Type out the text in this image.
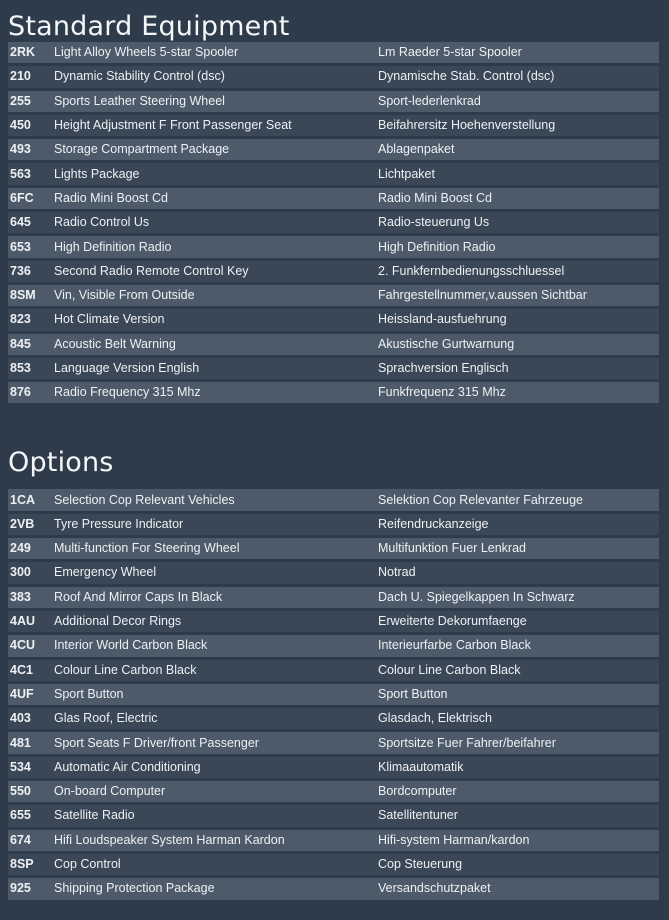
Standard Equipment
2RK	Light Alloy Wheels 5-star Spooler	Lm Raeder 5-star Spooler
210	Dynamic Stability Control (dsc)	Dynamische Stab. Control (dsc)
255	Sports Leather Steering Wheel	Sport-lederlenkrad
450	Height Adjustment F Front Passenger Seat	Beifahrersitz Hoehenverstellung
493	Storage Compartment Package	Ablagenpaket
563	Lights Package	Lichtpaket
6FC	Radio Mini Boost Cd	Radio Mini Boost Cd
645	Radio Control Us	Radio-steuerung Us
653	High Definition Radio	High Definition Radio
736	Second Radio Remote Control Key	2. Funkfernbedienungsschluessel
8SM	Vin, Visible From Outside	Fahrgestellnummer,v.aussen Sichtbar
823	Hot Climate Version	Heissland-ausfuehrung
845	Acoustic Belt Warning	Akustische Gurtwarnung
853	Language Version English	Sprachversion Englisch
876	Radio Frequency 315 Mhz	Funkfrequenz 315 Mhz
Options
1CA	Selection Cop Relevant Vehicles	Selektion Cop Relevanter Fahrzeuge
2VB	Tyre Pressure Indicator	Reifendruckanzeige
249	Multi-function For Steering Wheel	Multifunktion Fuer Lenkrad
300	Emergency Wheel	Notrad
383	Roof And Mirror Caps In Black	Dach U. Spiegelkappen In Schwarz
4AU	Additional Decor Rings	Erweiterte Dekorumfaenge
4CU	Interior World Carbon Black	Interieurfarbe Carbon Black
4C1	Colour Line Carbon Black	Colour Line Carbon Black
4UF	Sport Button	Sport Button
403	Glas Roof, Electric	Glasdach, Elektrisch
481	Sport Seats F Driver/front Passenger	Sportsitze Fuer Fahrer/beifahrer
534	Automatic Air Conditioning	Klimaautomatik
550	On-board Computer	Bordcomputer
655	Satellite Radio	Satellitentuner
674	Hifi Loudspeaker System Harman Kardon	Hifi-system Harman/kardon
8SP	Cop Control	Cop Steuerung
925	Shipping Protection Package	Versandschutzpaket
